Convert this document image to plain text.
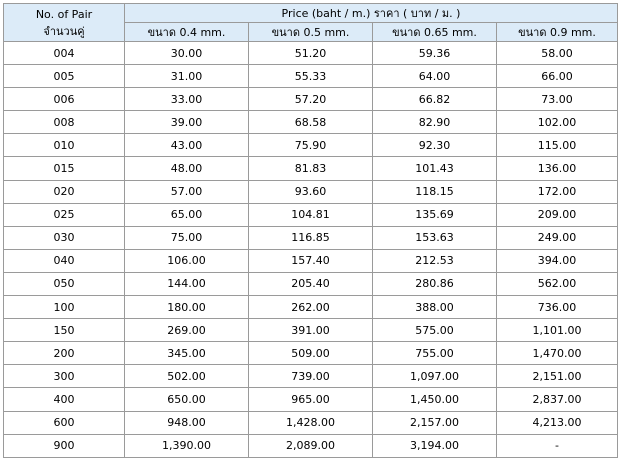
No. of Pair
จำนวนคู่	Price (baht / m.) ราคา ( บาท / ม. )			
	ขนาด 0.4 mm.	ขนาด 0.5 mm.	ขนาด 0.65 mm.	ขนาด 0.9 mm.
004	30.00	51.20	59.36	58.00
005	31.00	55.33	64.00	66.00
006	33.00	57.20	66.82	73.00
008	39.00	68.58	82.90	102.00
010	43.00	75.90	92.30	115.00
015	48.00	81.83	101.43	136.00
020	57.00	93.60	118.15	172.00
025	65.00	104.81	135.69	209.00
030	75.00	116.85	153.63	249.00
040	106.00	157.40	212.53	394.00
050	144.00	205.40	280.86	562.00
100	180.00	262.00	388.00	736.00
150	269.00	391.00	575.00	1,101.00
200	345.00	509.00	755.00	1,470.00
300	502.00	739.00	1,097.00	2,151.00
400	650.00	965.00	1,450.00	2,837.00
600	948.00	1,428.00	2,157.00	4,213.00
900	1,390.00	2,089.00	3,194.00	-
